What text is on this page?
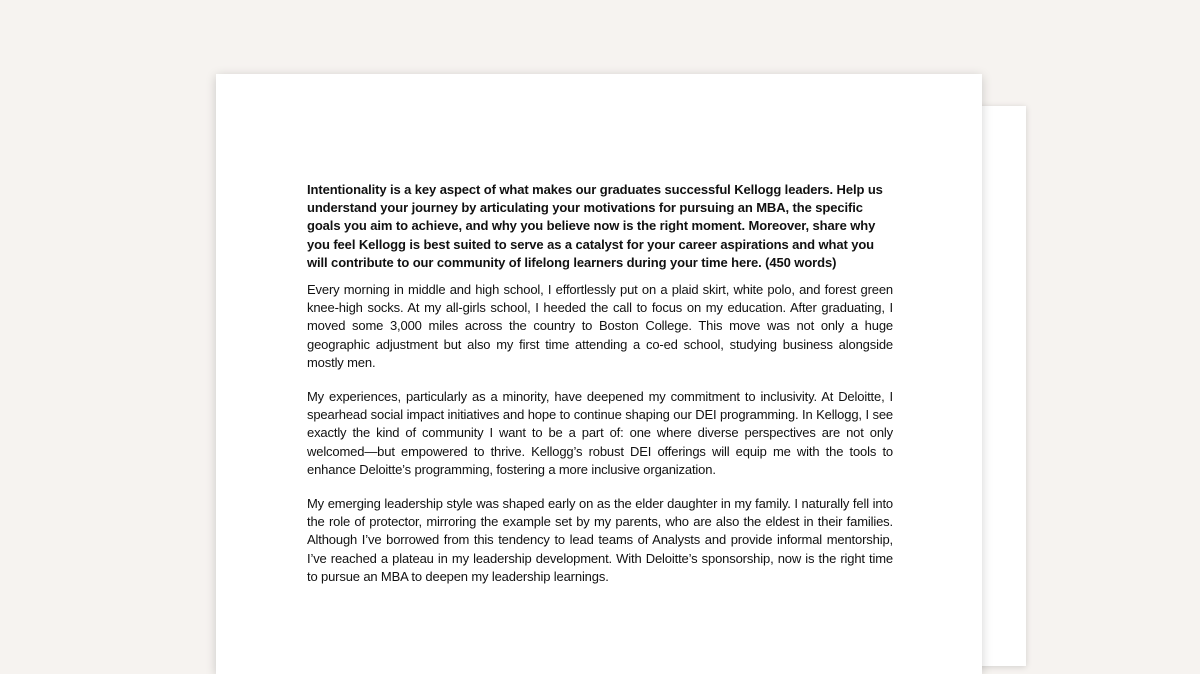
Intentionality is a key aspect of what makes our graduates successful Kellogg leaders. Help us understand your journey by articulating your motivations for pursuing an MBA, the specific goals you aim to achieve, and why you believe now is the right moment. Moreover, share why you feel Kellogg is best suited to serve as a catalyst for your career aspirations and what you will contribute to our community of lifelong learners during your time here. (450 words)

Every morning in middle and high school, I effortlessly put on a plaid skirt, white polo, and forest green knee-high socks. At my all-girls school, I heeded the call to focus on my education. After graduating, I moved some 3,000 miles across the country to Boston College. This move was not only a huge geographic adjustment but also my first time attending a co-ed school, studying business alongside mostly men.

My experiences, particularly as a minority, have deepened my commitment to inclusivity. At Deloitte, I spearhead social impact initiatives and hope to continue shaping our DEI programming. In Kellogg, I see exactly the kind of community I want to be a part of: one where diverse perspectives are not only welcomed—but empowered to thrive. Kellogg’s robust DEI offerings will equip me with the tools to enhance Deloitte’s programming, fostering a more inclusive organization.

My emerging leadership style was shaped early on as the elder daughter in my family. I naturally fell into the role of protector, mirroring the example set by my parents, who are also the eldest in their families. Although I’ve borrowed from this tendency to lead teams of Analysts and provide informal mentorship, I’ve reached a plateau in my leadership development. With Deloitte’s sponsorship, now is the right time to pursue an MBA to deepen my leadership learnings.
